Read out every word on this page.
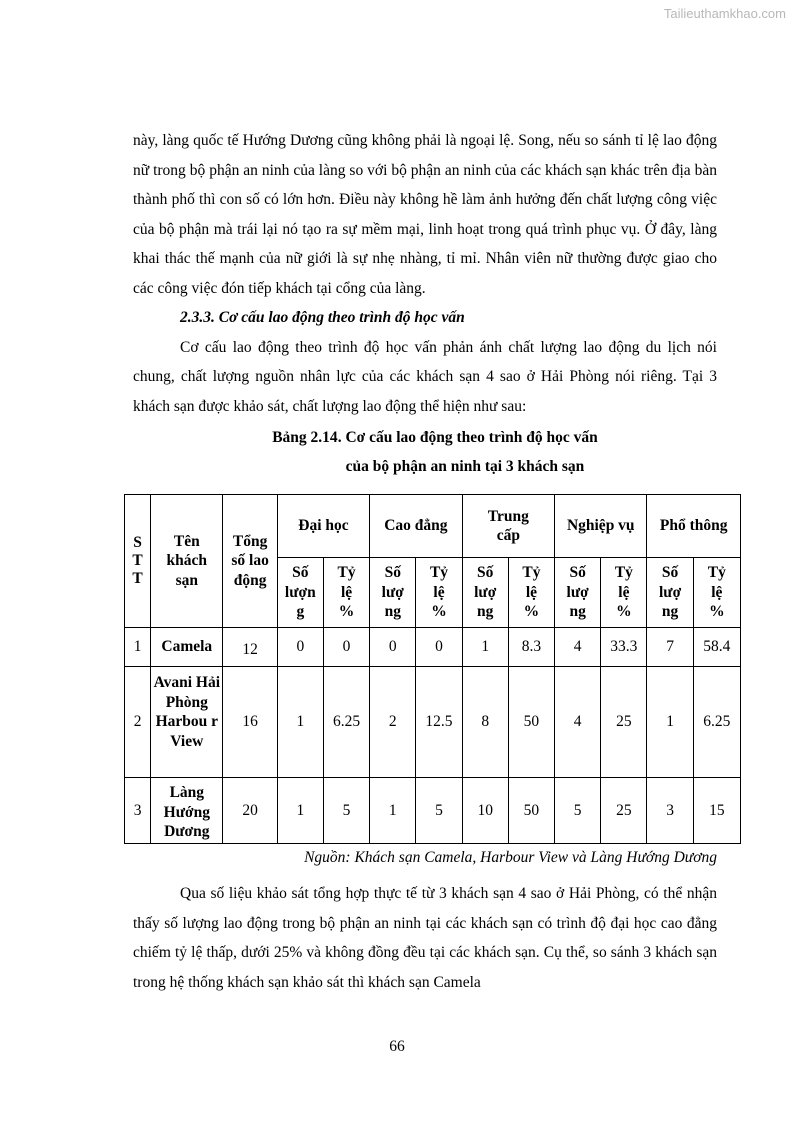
Tailieuthamkhao.com

này, làng quốc tế Hướng Dương cũng không phải là ngoại lệ. Song, nếu so sánh tỉ lệ lao động nữ trong bộ phận an ninh của làng so với bộ phận an ninh của các khách sạn khác trên địa bàn thành phố thì con số có lớn hơn. Điều này không hề làm ảnh hưởng đến chất lượng công việc của bộ phận mà trái lại nó tạo ra sự mềm mại, linh hoạt trong quá trình phục vụ. Ở đây, làng khai thác thế mạnh của nữ giới là sự nhẹ nhàng, tỉ mỉ. Nhân viên nữ thường được giao cho các công việc đón tiếp khách tại cổng của làng.

2.3.3. Cơ cấu lao động theo trình độ học vấn

Cơ cấu lao động theo trình độ học vấn phản ánh chất lượng lao động du lịch nói chung, chất lượng nguồn nhân lực của các khách sạn 4 sao ở Hải Phòng nói riêng. Tại 3 khách sạn được khảo sát, chất lượng lao động thể hiện như sau:

Bảng 2.14. Cơ cấu lao động theo trình độ học vấn

của bộ phận an ninh tại 3 khách sạn

S T T	Tên khách sạn	Tổng số lao động	Đại học		Cao đẳng		Trung cấp		Nghiệp vụ		Phổ thông	
			Số lượn g	Tỷ lệ %	Số lượ ng	Tỷ lệ %	Số lượ ng	Tỷ lệ %	Số lượ ng	Tỷ lệ %	Số lượ ng	Tỷ lệ %
1	Camela	12	0	0	0	0	1	8.3	4	33.3	7	58.4
2	Avani Hải Phòng Harbou r View	16	1	6.25	2	12.5	8	50	4	25	1	6.25
3	Làng Hướng Dương	20	1	5	1	5	10	50	5	25	3	15
Nguồn: Khách sạn Camela, Harbour View và Làng Hướng Dương

Qua số liệu khảo sát tổng hợp thực tế từ 3 khách sạn 4 sao ở Hải Phòng, có thể nhận thấy số lượng lao động trong bộ phận an ninh tại các khách sạn có trình độ đại học cao đẳng chiếm tỷ lệ thấp, dưới 25% và không đồng đều tại các khách sạn. Cụ thể, so sánh 3 khách sạn trong hệ thống khách sạn khảo sát thì khách sạn Camela

66
